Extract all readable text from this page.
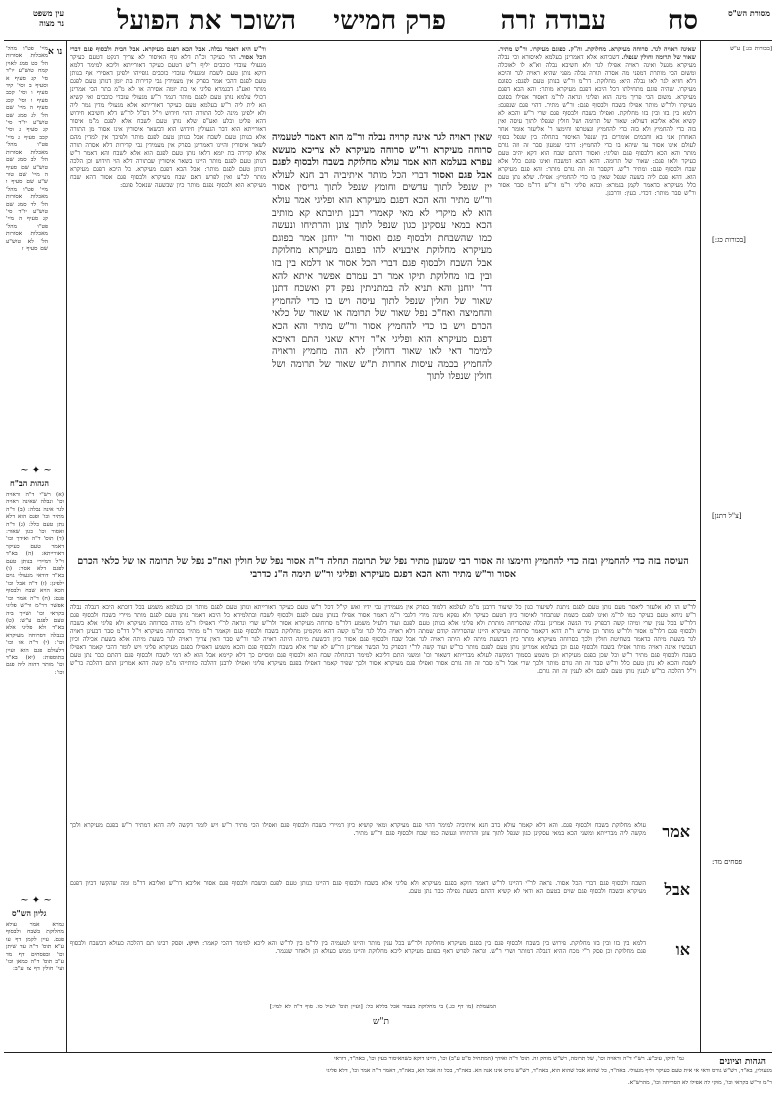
מסורת הש"ס
סח
עבודה זרה
פרק חמישי
השוכר את הפועל
עין משפט
נר מצוה
נו א
מיי' פט"ו מהל' מאכלות אסורות הל' כט סמג לאוין קמח טוש"ע יו"ד סי' קג סעיף א וסעיף ב וסי' קיד סעיף ו וסי' קכב סעיף ו וסי' קכג סעיף ה מיי' שם הל' לג סמג שם טוש"ע יו"ד סי' קג סעיף ג וסי' קכב סעיף ג מיי' פט"ו מהל' מאכלות אסורות הל' לב סמג שם טוש"ע שם סעיף ה מיי' שם טור ש"ע שם סעיף ו מיי' פט"ו מהל' מאכלות אסורות הל' לד סמג שם טוש"ע יו"ד סי' קג סעיף ה מיי' פט"ו מהל' מאכלות אסורות הל' לא טוש"ע שם סעיף ז
~ ✦ ~
הגהות הב"ח
(א) רש"י ד"ה וראויה וכו' ונבלה שאינה ראויה לגר אינה נבלה: (ב) ד"ה מתיר וכו' ופגם הוא דלא נתן טעם כלל: (ג) ד"ה ואסור וכו' כגון שאור: (ד) תוס' ד"ה ואידך וכו' דאמר טעם כעיקר דאורייתא: (ה) בא"ד וי"ל דמיירי בנותן טעם לפגם דלא אסר: (ו) בא"ד דודאי מגעולי גוים ילפינן: (ז) ד"ה אבל וכו' הכא הויא שבח ולבסוף פגם: (ח) ד"ה אמר וכו' אפשר דר"מ ור"ש פליגי בקראי וכו' ושייך ביה טעם לפגם ע"ש: (ט) בא"ד ולא פליגי אלא בנבלה דסרוחה מעיקרא וכו': (י) ד"ה או וכו' דלעולם פגם הוא ועיין בתוספות: (יא) בא"ד וכו' מותר דהוה ליה פגם וכו':
~ ✦ ~
גליון הש"ס
גמרא אמר עולא מחלוקת בשבח ולבסוף פגם. עיין לקמן דף עו ע"א תוס' ד"ה עד שיתן וכו' ובפסחים דף מד ע"ב תוס' ד"ה כמאן וכו' ועי' חולין דף צז ע"ב:
[בכורות כג:] ע"ש
[בכורות כג:]
[צ"ל דתנן]
פסחים מד:
שאינה ראויה לגר. סרוחה מעיקרא. מחלוקת. וה"ק. כפוגם מעיקרו. ור"ש מתיר. שאור של תרומה וחולין שנפלו. דשכיחא אלא דאמרינן בעלמא לאיסורא וכי נבלה מעיקרא מגעל ואינה ראויה אפילו לגר ולא חשיבא נבלה וא"א לו לאוכלה ומשום הכי מותרת דמפני מה אסרה תורה נבלה מפני שהיא ראויה לגר והיכא דלא חזיא לגר לאו נבלה היא: מחלוקת. דר"מ ור"ש בנותן טעם לפגם: כפוגם מעיקרו. שהיה פוגם מתחילתו דכל היכא דפגם מעיקרא מותר: והא הכא דפגם מעיקרא. משום הכי פריך מינה הוא ופליגי ונראה לר"מ דאסור אפילו בפוגם מעיקרו ולר"ש מותר אפילו בשבח ולבסוף פגם: ור"ש מתיר. דהוי פגם שנפגם: דלמא בין בזו ובין בזו מחלוקת. ואפילו בשבח ולבסוף פגם שרי ר"ש והכא לא קשיא אלא אליבא דעולא: שאור של תרומה ושל חולין שנפלו לתוך עיסה ואין בזה כדי להחמיץ ולא בזה כדי להחמיץ ונצטרפו וחימצו ר' אליעזר אומר אחר האחרון אני בא וחכמים אומרים בין שנפל האיסור בתחלה בין שנפל בסוף לעולם אינו אסור עד שיהא בו כדי להחמיץ: דרבי שמעון סבר זה וזה גורם מותר והא הכא דלבסוף פגם ופליגי: ואסור דהתם שבח הוא דקא יהיב טעם כעיקר ולאו פגם: שאור של תרומה. דהא הכא דמשבח ואינו פוגם כלל אלא שבח ולבסוף פגם: ומתיר ר"ש. דקסבר זה וזה גורם מותר: והא פגם מעיקרא הוא. דהא פגם ליה בשעה שנפל שאין בו כדי להחמיץ: אפילו. שלא נתן טעם כלל מעיקרא כדאמר לקמן בגמרא: ובהא פליגי ר"מ ור"ש דר"מ סבר אסור ור"ש סבר מותר: דכדי. בעין: ודרבנן.
ור"ש היא דאמר נבלה. אבל הכא דפגם מעיקרא. אבל חבית ולבסוף פגם דברי הכל אסור. הוי כעיקר וכ"ת דלא גוף האיסור לא צריך דנקט דטעם כעיקר מגעולי עובדי כוכבים יליף ר"ש דטעם כעיקר דאורייתא וליכא למימר דלמא דוקא נותן טעם לשבח ומגעולי עובדי כוכבים גופייהו ילפינן דאסירי אף בנותן טעם לפגם דהכי אמר בפרק אין מעמידין גבי קדירות בת יומן דנותן טעם לפגם מותר ואע"ג דבגמרא פליגי אי בת יומה אסירה או לא מ"מ בתר הכי אמרינן דכולי עלמא נותן טעם לפגם מותר דגמר ר"ש מגעולי עובדי כוכבים ואי קשיא הא לית ליה ר"ש בעלמא טעם כעיקר דאורייתא אלא מגעולי מדין גמר ליה ולא ילפינן מינה לכל התורה דהוי חידוש וי"ל דס"ל לר"ש דלא חשיבא חידוש דהא פליט ובלע ואע"פ שלא נותן טעם לשבח אלא לפגם מ"מ איסור דאורייתא הוא דבר הגעולין חידוש הוא דבשאר איסורין אינו אסור מן התורה אלא בנותן טעם לשבח אבל בנותן טעם לפגם מותר ולפיכך אין למדין מהם לשאר איסורין והיינו דאמרינן בפרק אין מעמידין גבי קדירות דלא אסרה תורה אלא קדירה בת יומא דלאו נותן טעם לפגם הוא אלא לשבח והא דאמר ר"ש דנותן טעם לפגם מותר היינו בשאר איסורין שבתורה דלא הוי חידוש וכן הלכה דנותן טעם לפגם מותר: אבל הכא דפגם מעיקרא. כל היכא דפגם מעיקרא מותר לכ"ע ואין לפרש דאם שבח מעיקרא ולבסוף פגם אסור דהא שבח מעיקרא הוא ולבסוף נפגם מותר כיון שבשעה שנאכל פוגם:
שאין ראויה לגר אינה קרויה נבלה ור"מ הוא דאמר לטעמיה סרוחה מעיקרא ור"ש סרוחה מעיקרא לא צריכא מעשא עפרא בעלמא הוא אמר עולא מחלוקת בשבח ולבסוף לפגם אבל פגם ואסור דברי הכל מותר איתיביה רב חנא לעולא יין שנפל לתוך עדשים וחומץ שנפל לתוך גריסין אסור ור"ש מתיר והא הכא דפגם מעיקרא הוא ופליגי אמר עולא הוא לא מיקרי לא מאי קאמרי רבנן תיובתא קא מותיב הכא במאי עסקינן כגון שנפל לתוך צונן והרתיחו ונעשה כמו שהשבחת ולבסוף פגם ואסור ור' יוחנן אמר בפוגם מעיקרא מחלוקת איבעיא להו בפוגם מעיקרא מחלוקת אבל השבח ולבסוף פגם דברי הכל אסור או דלמא בין בזו ובין בזו מחלוקת תיקו אמר רב עמרם אפשר איתא להא דר' יוחנן והא תניא לה במתניתין נפק דק ואשכח דתנן שאור של חולין שנפל לתוך עיסה ויש בו כדי להחמיץ והחמיצה ואח"כ נפל שאור של תרומה או שאור של כלאי הכרם ויש בו כדי להחמיץ אסור ור"ש מתיר והא הכא דפגם מעיקרא הוא ופליגי א"ר זירא שאני התם דאיכא למימר דאי לאו שאור דחולין לא הוה מחמיץ וראויה להחמיץ בכמה עיסות אחרות ת"ש שאור של תרומה ושל חולין שנפלו לתוך
העיסה בזה כדי להחמיץ ובזה כדי להחמיץ וחימצו זה אסור רבי שמעון מתיר נפל של תרומה תחלה ד"ה אסור נפל של חולין ואח"כ נפל של תרומה או של כלאי הכרם אסור ור"ש מתיר והא הכא דפגם מעיקרא ופליגי ור"ש תימה ה"נ כדרבי
לר"ש הו לא אלעזר ליאסר מעם נותן טעם לפגם ניתנת לשיעור כגון כל שיעור דרבנן מ"מ לעלמא דלמוד בפרק אין מעמידין גבי ידיו ואש קי"ל דכל ר"ש טעם כעיקר דאורייתא ונותן טעם לפגם מותר וכן בעלמא משמע בכל דוכתא היכא דנבלה נבלה ר"ש ניחא טעם כעיקר כמו לר"מ ואינו לפגם כשמת שנתבחר לאיסור כיון דטעם כעיקר ולא נפקא מינה מידי דלגבי ר"מ דאמר אסור אפילו בנותן טעם לפגם ולבסוף לשבח ובתלמידא כל היכא דאמר נותן טעם לפגם מותר מיירי בשבח ולבסוף פגם דלר"ש בכל ענין שרי ומיהו קשה דבפרק גיד הנשה אמרינן נבלה שהסריחה מותרת ולא פליגי אלא בנותן טעם לפגם ועוד דלעיל משמע דלר"מ סרוחה מעיקרא אסור ולר"ש שרי ונראה לר"י דאפילו ר"מ מודה בסרוחה מעיקרא ולא פליגי אלא בשבח ולבסוף פגם דלר"מ אסור ולר"ש מותר וכן פירש ר"ת דהא דקאמר סרוחה מעיקרא היינו שהסריחה קודם שמתה דלא ראויה כלל לגר ומ"מ קשה דהא מוקמינן מחלוקת בשבח ולבסוף פגם וקאמר ר"מ מתיר בסרוחה מעיקרא וי"ל דר"מ סבר דבעינן ראויה לגר בשעת מיתה כדאמר בשחיטת חולין ולכך בסרוחה מעיקרא מותר כיון דבשעת מיתה לא היתה ראויה לגר אבל שבח ולבסוף פגם אסור כיון דבשעת מיתה היתה ראויה לגר ור"ש סבר דאין צריך ראויה לגר בשעת מיתה אלא בשעת אכילה וכיון דעכשיו אינה ראויה מותר אפילו בשבח ולבסוף פגם וכן בעלמא אמרינן נותן טעם לפגם מותר כר"ש ועוד קשה לר"י דבפרק כל הבשר אמרינן דר"ש לא שרי אלא בשבח ולבסוף פגם והכא משמע דאפילו בפגם מעיקרא פליגי ויש לומר דהכי קאמר דאפילו בשבח ולבסוף פגם מתיר ר"ש וכל שכן בפגם מעיקרא וכן משמע בסמוך דמקשה לעולא מברייתא דשאור וכו' ומשני התם דליכא למימר דבתחלה שבח הוא ולבסוף פגם ומסיים כך דלא קיימא אבל הוא לא דמי לשבח ולבסוף פגם דהתם כבר נתן טעם לשבח והכא לא נתן טעם כלל ור"ש סבר זה וזה גורם מותר ולכך שרי אבל ר"מ סבר זה וזה גורם אסור ואפילו פגם מעיקרא אסור ולכך שפיר קאמר דאפילו בפגם מעיקרא פליגי ואפילו לרבנן דהלכה כוותייהו מ"מ קשה דהא אמרינן התם דהלכה כר"ש וי"ל דהלכה כר"ש לענין נותן טעם לפגם ולא לענין זה וזה גורם.
אמר
עולא מחלוקת בשבח ולבסוף פגם. והא דלא קאמר עולא כרב חנא איתיביה למימר דהוי פגם מעיקרא ומאי קושיא כיון דמיירי בשבח ולבסוף פגם ואפילו הכי מתיר ר"ש ויש לומר דקשה ליה דהא דמתיר ר"ש בפגם מעיקרא ולכך מקשה ליה מברייתא ומשני הכא במאי עסקינן כגון שנפל לתוך צונן והרתיחו ונעשה כמו שבח ולבסוף פגם ור"ש מתיר.
אבל
השבח ולבסוף פגם דברי הכל אסור. נראה לר"י דהיינו לר"ש דאמר דוקא בפגם מעיקרא ולא פליגי אלא בשבח ולבסוף פגם דהיינו כנותן טעם לפגם ובשבח ולבסוף פגם אסור אליבא דר"ש ואליבא דר"מ ומה שהקשו דכיון דפגם מעיקרא ובשבח ולבסוף פגם שוים בטעם הא ודאי לא קשיא דהתם בשעת נפילה כבר נתן טעם.
או
דלמא בין בזו ובין בזו מחלוקת. פירוש בין בשבח ולבסוף פגם בין בפגם מעיקרא מחלוקת ולר"ש בכל ענין מותר והיינו לטעמיה בין לר"מ בין לר"ש והא ליכא למימר דהכי קאמר: תיקו. ופסק רבינו תם דהלכה כעולא דבשבח ולבסוף פגם מחלוקת וכן פסק ר"י מכח ההיא דנבלה דמותר ושרי ר"ש. ונראה לפרש דאף בפוגם מעיקרא ליכא מחלוקת והיינו ממש כעולא הן ולאחר שנגמר.
המעמלת (מו דף כג.) בי מחלוקת בעבור אכל בללא כל: [ועיין תוס' לעיל סו. סוף ד"ה לא למי:]
ת"ש
הגהות וציונים
גמ' תיקו, עיב"ע. רש"י ד"ה וראויה וכו', של תרומה, רש"ש מוחק זה. תוס' ד"ה ואידך (המתחיל ס"ט ע"ב) וכו', היינו דוקא כשהאיסור בעין וכו', באה"ד, דוראי
מגעולין, בא"ד, רש"ש גורס ודאי אי אית טעם כעיקר וליף מגעולי. באה"ד, כל שהוא אבל שהוא הוא, באה"ד, רש"ש גורס אינו אנה הא. באה"ד, בכל זה אבל הא, באה"ד, דאמר ד"ה אמר וכו', דלא פליגי
ר"מ ור"ש בקראי וכו', מוקי לה אפילו לא הסריחה וכו', מהרש"א.
